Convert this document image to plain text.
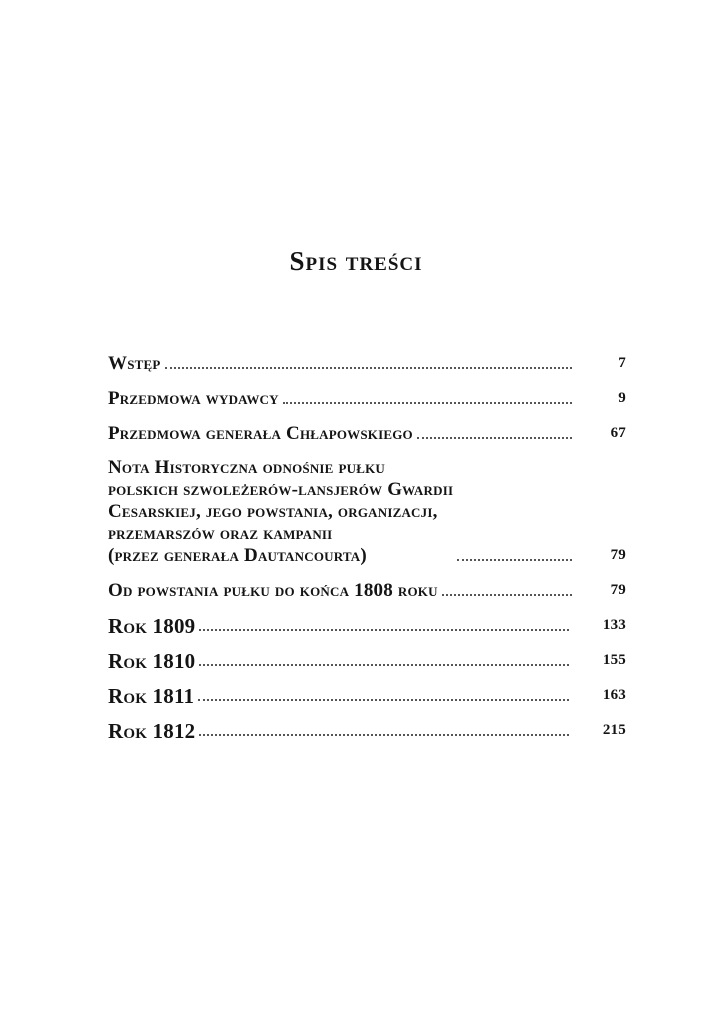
Spis treści
Wstęp	7
Przedmowa wydawcy	9
Przedmowa generała Chłapowskiego	67
Nota Historyczna odnośnie pułku
polskich szwoleżerów-lansjerów Gwardii
Cesarskiej, jego powstania, organizacji,
przemarszów oraz kampanii
(przez generała Dautancourta)	79
Od powstania pułku do końca 1808 roku	79
Rok 1809	133
Rok 1810	155
Rok 1811	163
Rok 1812	215
